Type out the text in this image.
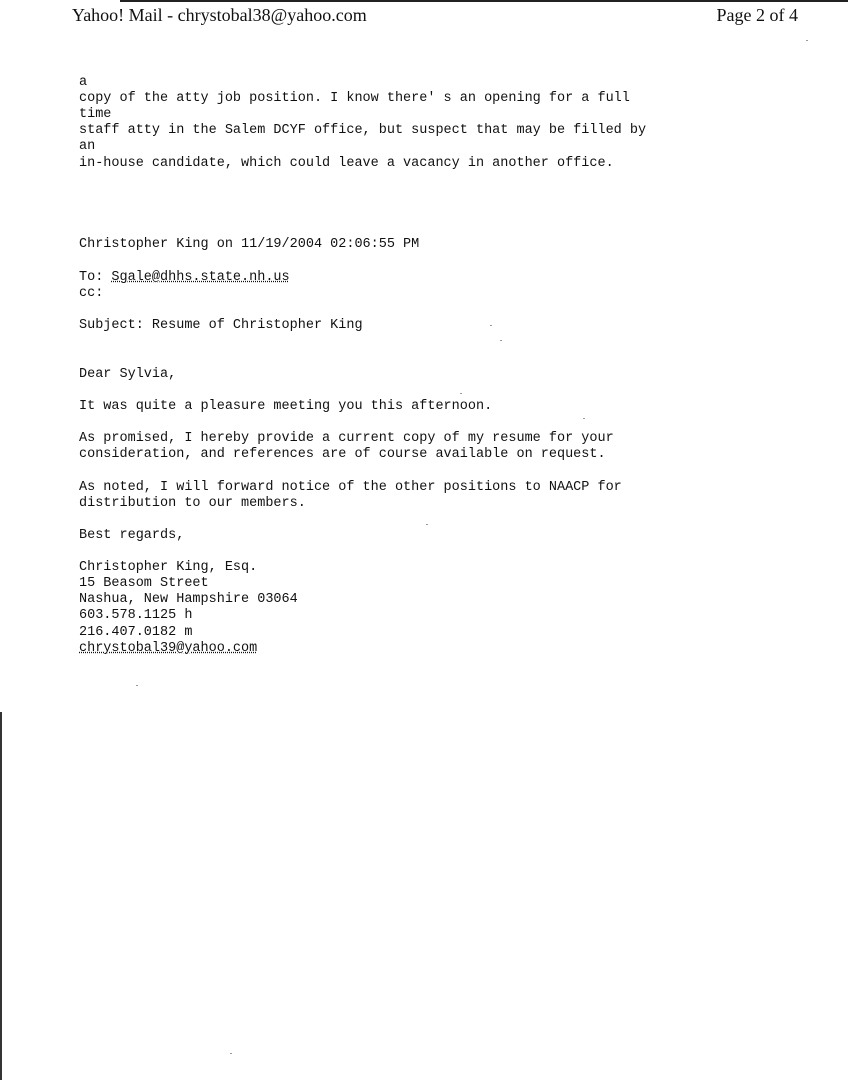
Yahoo! Mail - chrystobal38@yahoo.com	Page 2 of 4
a
copy of the atty job position. I know there' s an opening for a full
time
staff atty in the Salem DCYF office, but suspect that may be filled by
an
in-house candidate, which could leave a vacancy in another office.
Christopher King on 11/19/2004 02:06:55 PM
To: Sgale@dhhs.state.nh.us
cc:
Subject: Resume of Christopher King
Dear Sylvia,
It was quite a pleasure meeting you this afternoon.
As promised, I hereby provide a current copy of my resume for your
consideration, and references are of course available on request.
As noted, I will forward notice of the other positions to NAACP for
distribution to our members.
Best regards,
Christopher King, Esq.
15 Beasom Street
Nashua, New Hampshire 03064
603.578.1125 h
216.407.0182 m
chrystobal39@yahoo.com
